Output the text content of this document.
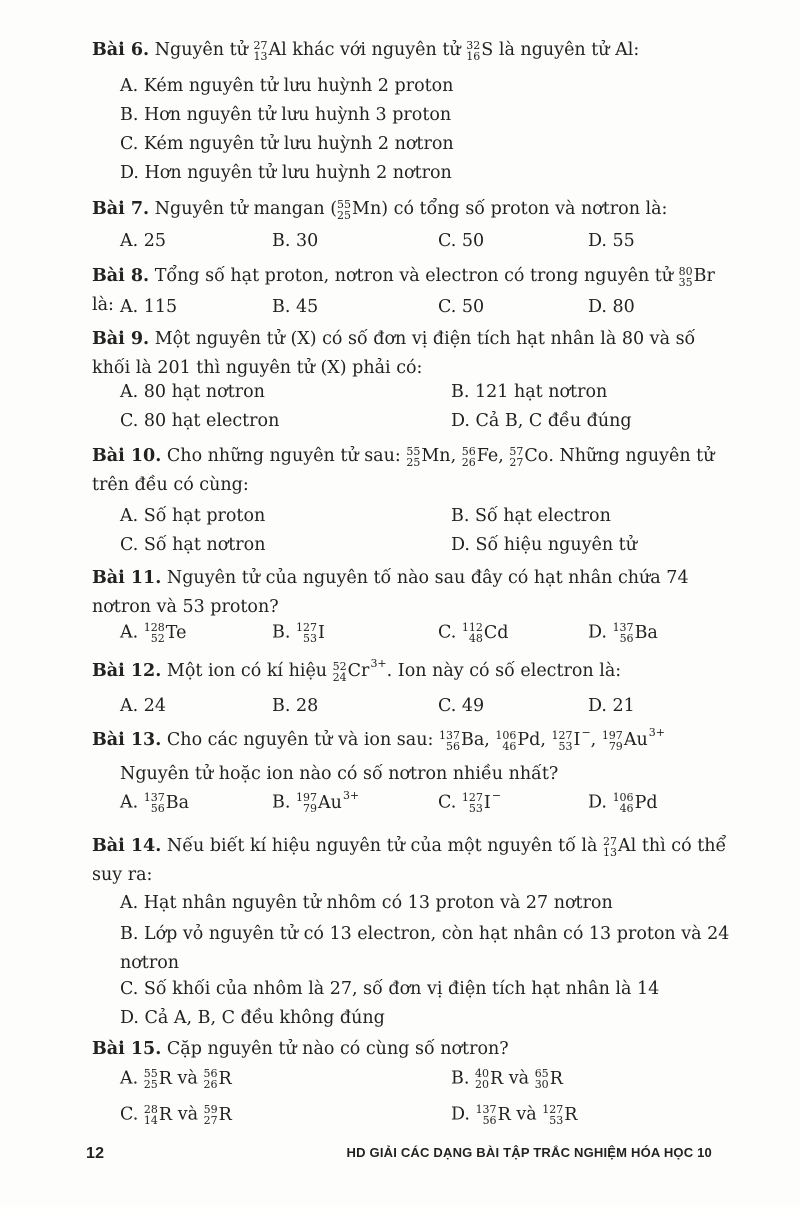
Bài 6. Nguyên tử 27
13 Al khác với nguyên tử 32
16 S là nguyên tử Al:
A. Kém nguyên tử lưu huỳnh 2 proton
B. Hơn nguyên tử lưu huỳnh 3 proton
C. Kém nguyên tử lưu huỳnh 2 nơtron
D. Hơn nguyên tử lưu huỳnh 2 nơtron
Bài 7. Nguyên tử mangan ( 55
25 Mn ) có tổng số proton và nơtron là:
A. 25	B. 30	C. 50	D. 55
Bài 8. Tổng số hạt proton, nơtron và electron có trong nguyên tử 80
35 Br
là: A. 115	B. 45	C. 50	D. 80
Bài 9. Một nguyên tử (X) có số đơn vị điện tích hạt nhân là 80 và số khối là 201 thì nguyên tử (X) phải có:
A. 80 hạt nơtron	B. 121 hạt nơtron
C. 80 hạt electron	D. Cả B, C đều đúng
Bài 10. Cho những nguyên tử sau: 55
25 Mn , 56
26 Fe , 57
27 Co . Những nguyên tử trên đều có cùng:
A. Số hạt proton	B. Số hạt electron
C. Số hạt nơtron	D. Số hiệu nguyên tử
Bài 11. Nguyên tử của nguyên tố nào sau đây có hạt nhân chứa 74 nơtron và 53 proton?
A. 128
52 Te	B. 127
53 I	C. 112
48 Cd	D. 137
56 Ba
Bài 12. Một ion có kí hiệu 52
24 Cr 3+ . Ion này có số electron là:
A. 24	B. 28	C. 49	D. 21
Bài 13. Cho các nguyên tử và ion sau: 137
56 Ba , 106
46 Pd , 127
53 I − , 197
79 Au 3+
Nguyên tử hoặc ion nào có số nơtron nhiều nhất?
A. 137
56 Ba	B. 197
79 Au 3+	C. 127
53 I −	D. 106
46 Pd
Bài 14. Nếu biết kí hiệu nguyên tử của một nguyên tố là 27
13 Al thì có thể suy ra:
A. Hạt nhân nguyên tử nhôm có 13 proton và 27 nơtron
B. Lớp vỏ nguyên tử có 13 electron, còn hạt nhân có 13 proton và 24 nơtron
C. Số khối của nhôm là 27, số đơn vị điện tích hạt nhân là 14
D. Cả A, B, C đều không đúng
Bài 15. Cặp nguyên tử nào có cùng số nơtron?
A. 55
25 R và 56
26 R	B. 40
20 R và 65
30 R
C. 28
14 R và 59
27 R	D. 137
56 R và 127
53 R
12	HD GIẢI CÁC DẠNG BÀI TẬP TRẮC NGHIỆM HÓA HỌC 10
